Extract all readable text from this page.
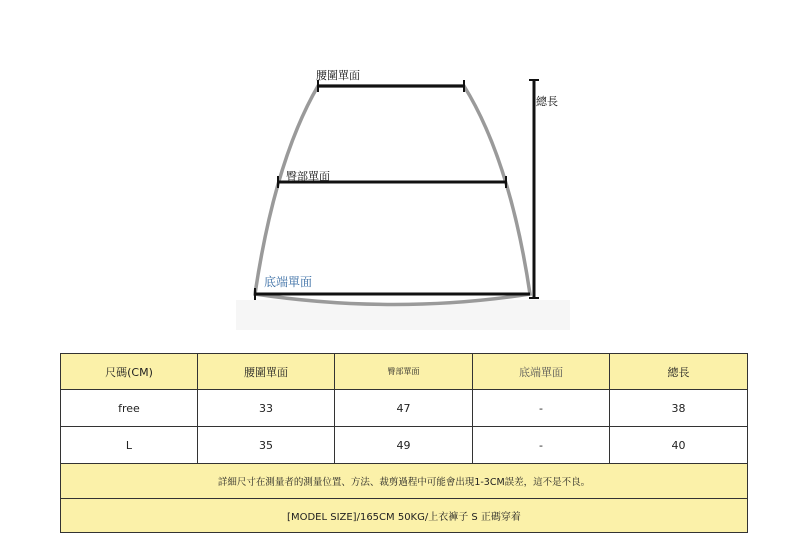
腰圍單面
總長
臀部單面
底端單面
尺碼(CM)	腰圍單面	臀部單面	底端單面	總長
free	33	47	-	38
L	35	49	-	40
詳細尺寸在測量者的測量位置、方法、裁剪過程中可能會出現1-3CM誤差，這不是不良。				
[MODEL SIZE]/165CM 50KG/上衣褲子 S 正碼穿着				
